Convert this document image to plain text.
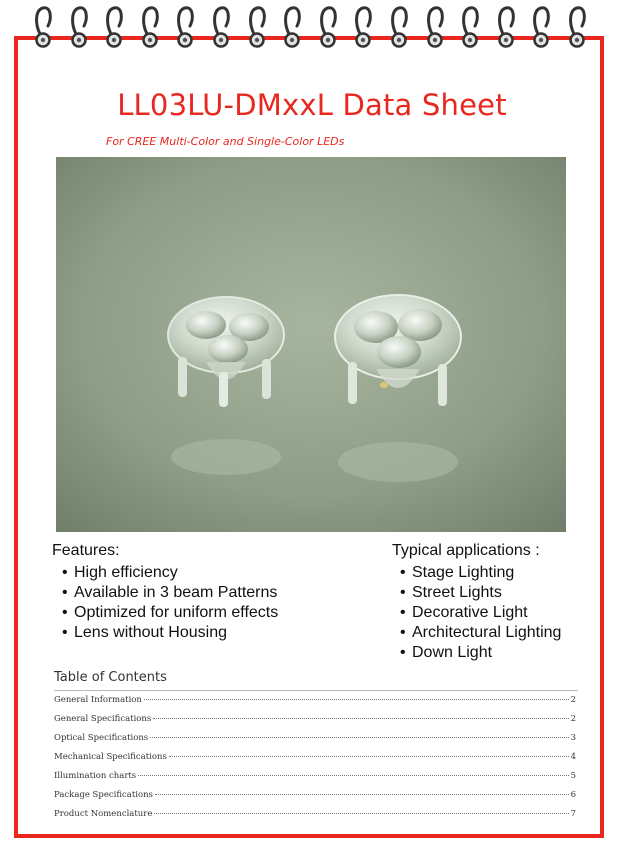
LL03LU-DMxxL Data Sheet
For CREE Multi-Color and Single-Color LEDs
Features:
• High efficiency
• Available in 3 beam Patterns
• Optimized for uniform effects
• Lens without Housing
Typical applications :
• Stage Lighting
• Street Lights
• Decorative Light
• Architectural Lighting
• Down Light
Table of Contents
General Information	2
General Specifications	2
Optical Specifications	3
Mechanical Specifications	4
Illumination charts	5
Package Specifications	6
Product Nomenclature	7
